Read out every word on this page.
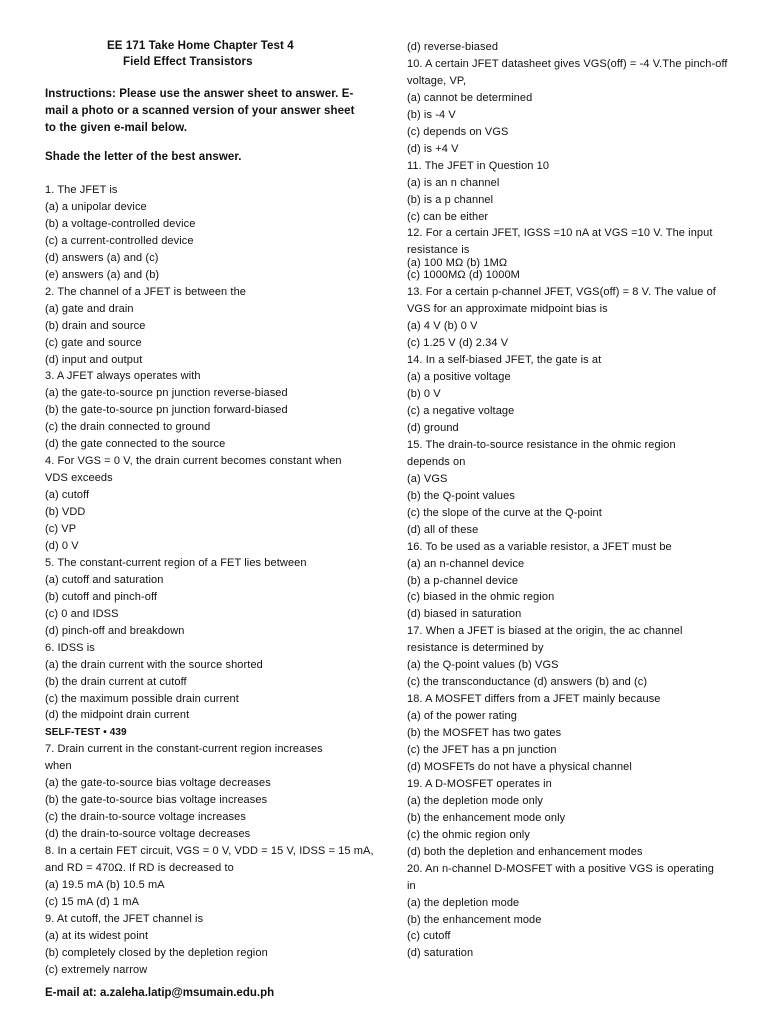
EE 171 Take Home Chapter Test 4
Field Effect Transistors
Instructions: Please use the answer sheet to answer. E-mail a photo or a scanned version of your answer sheet to the given e-mail below.
Shade the letter of the best answer.
1. The JFET is
(a) a unipolar device
(b) a voltage-controlled device
(c) a current-controlled device
(d) answers (a) and (c)
(e) answers (a) and (b)
2. The channel of a JFET is between the
(a) gate and drain
(b) drain and source
(c) gate and source
(d) input and output
3. A JFET always operates with
(a) the gate-to-source pn junction reverse-biased
(b) the gate-to-source pn junction forward-biased
(c) the drain connected to ground
(d) the gate connected to the source
4. For VGS = 0 V, the drain current becomes constant when
VDS exceeds
(a) cutoff
(b) VDD
(c) VP
(d) 0 V
5. The constant-current region of a FET lies between
(a) cutoff and saturation
(b) cutoff and pinch-off
(c) 0 and IDSS
(d) pinch-off and breakdown
6. IDSS is
(a) the drain current with the source shorted
(b) the drain current at cutoff
(c) the maximum possible drain current
(d) the midpoint drain current
SELF-TEST • 439
7. Drain current in the constant-current region increases
when
(a) the gate-to-source bias voltage decreases
(b) the gate-to-source bias voltage increases
(c) the drain-to-source voltage increases
(d) the drain-to-source voltage decreases
8. In a certain FET circuit, VGS = 0 V, VDD = 15 V, IDSS = 15 mA,
and RD = 470Ω. If RD is decreased to
(a) 19.5 mA (b) 10.5 mA
(c) 15 mA (d) 1 mA
9. At cutoff, the JFET channel is
(a) at its widest point
(b) completely closed by the depletion region
(c) extremely narrow
(d) reverse-biased
10. A certain JFET datasheet gives VGS(off) = -4 V.The pinch-off
voltage, VP,
(a) cannot be determined
(b) is -4 V
(c) depends on VGS
(d) is +4 V
11. The JFET in Question 10
(a) is an n channel
(b) is a p channel
(c) can be either
12. For a certain JFET, IGSS =10 nA at VGS =10 V. The input
resistance is
(a) 100 MΩ (b) 1MΩ
(c) 1000MΩ (d) 1000M
13. For a certain p-channel JFET, VGS(off) = 8 V. The value of
VGS for an approximate midpoint bias is
(a) 4 V (b) 0 V
(c) 1.25 V (d) 2.34 V
14. In a self-biased JFET, the gate is at
(a) a positive voltage
(b) 0 V
(c) a negative voltage
(d) ground
15. The drain-to-source resistance in the ohmic region
depends on
(a) VGS
(b) the Q-point values
(c) the slope of the curve at the Q-point
(d) all of these
16. To be used as a variable resistor, a JFET must be
(a) an n-channel device
(b) a p-channel device
(c) biased in the ohmic region
(d) biased in saturation
17. When a JFET is biased at the origin, the ac channel
resistance is determined by
(a) the Q-point values (b) VGS
(c) the transconductance (d) answers (b) and (c)
18. A MOSFET differs from a JFET mainly because
(a) of the power rating
(b) the MOSFET has two gates
(c) the JFET has a pn junction
(d) MOSFETs do not have a physical channel
19. A D-MOSFET operates in
(a) the depletion mode only
(b) the enhancement mode only
(c) the ohmic region only
(d) both the depletion and enhancement modes
20. An n-channel D-MOSFET with a positive VGS is operating
in
(a) the depletion mode
(b) the enhancement mode
(c) cutoff
(d) saturation
E-mail at: a.zaleha.latip@msumain.edu.ph
